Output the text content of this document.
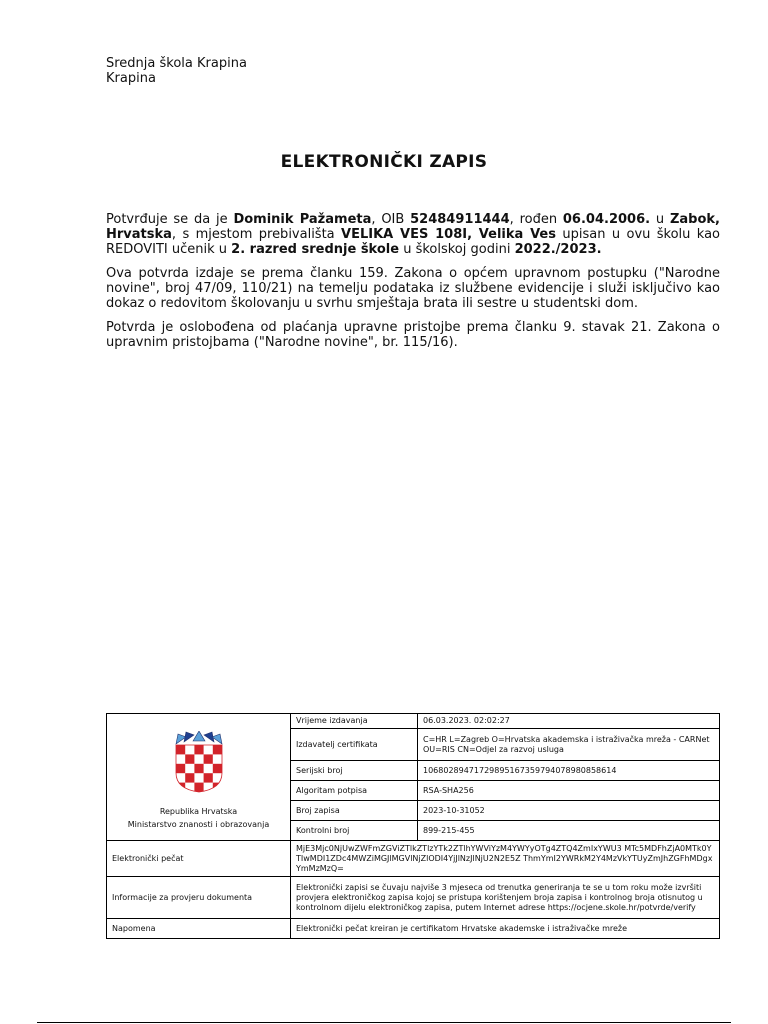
Srednja škola Krapina
Krapina
ELEKTRONIČKI ZAPIS

Potvrđuje se da je Dominik Pažameta, OIB 52484911444, rođen 06.04.2006. u Zabok, Hrvatska, s mjestom prebivališta VELIKA VES 108I, Velika Ves upisan u ovu školu kao REDOVITI učenik u 2. razred srednje škole u školskoj godini 2022./2023.

Ova potvrda izdaje se prema članku 159. Zakona o općem upravnom postupku ("Narodne novine", broj 47/09, 110/21) na temelju podataka iz službene evidencije i služi isključivo kao dokaz o redovitom školovanju u svrhu smještaja brata ili sestre u studentski dom.

Potvrda je oslobođena od plaćanja upravne pristojbe prema članku 9. stavak 21. Zakona o upravnim pristojbama ("Narodne novine", br. 115/16).

Republika Hrvatska
Ministarstvo znanosti i obrazovanja	Vrijeme izdavanja	06.03.2023. 02:02:27
	Izdavatelj certifikata	C=HR L=Zagreb O=Hrvatska akademska i istraživačka mreža - CARNet OU=RIS CN=Odjel za razvoj usluga
	Serijski broj	106802894717298951673597940789808586​14
	Algoritam potpisa	RSA-SHA256
	Broj zapisa	2023-10-31052
	Kontrolni broj	899-215-455
Elektronički pečat	MjE3Mjc0NjUwZWFmZGViZTlkZTlzYTk2ZTlhYWViYzM4YWYyOTg4ZTQ4ZmIxYWU3 MTc5MDFhZjA0MTk0YTIwMDI1ZDc4MWZiMGJlMGVlNjZlODI4YjJlNzJlNjU2N2E5Z ThmYmI2YWRkM2Y4MzVkYTUyZmJhZGFhMDgxYmMzMzQ=	
Informacije za provjeru dokumenta	Elektronički zapisi se čuvaju najviše 3 mjeseca od trenutka generiranja te se u tom roku može izvršiti provjera elektroničkog zapisa kojoj se pristupa korištenjem broja zapisa i kontrolnog broja otisnutog u kontrolnom dijelu elektroničkog zapisa, putem Internet adrese https://ocjene.skole.hr/potvrde/verify	
Napomena	Elektronički pečat kreiran je certifikatom Hrvatske akademske i istraživačke mreže	
